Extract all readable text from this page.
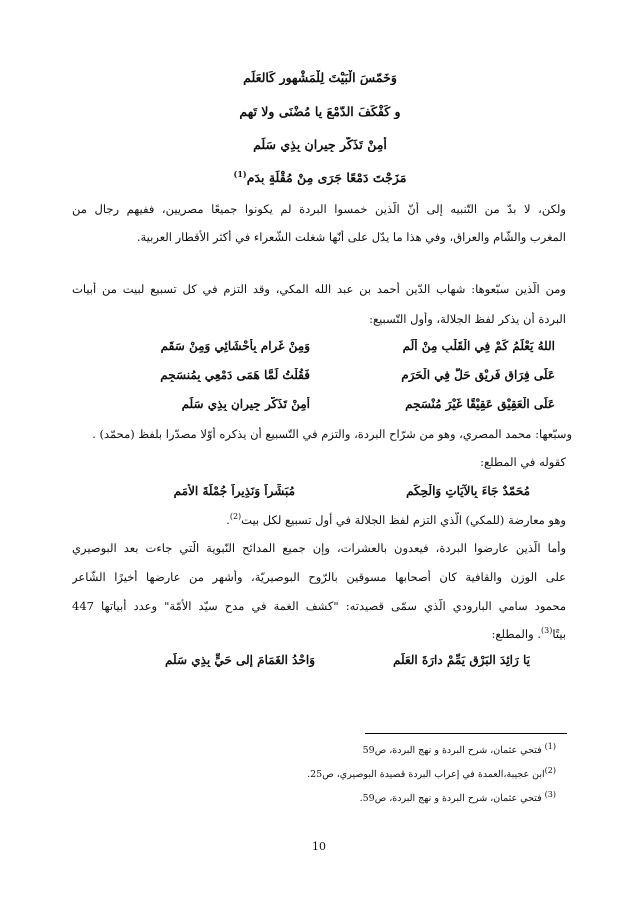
وَخَمّسَ الْبَيْتَ لِلْمَشْهورِ كَالعَلَمِ
و كَفْكَفَ الدّمْعَ يا مُضْنَى ولا تَهِم
أَمِنْ تَذَكُّرِ جِيرانٍ بِذِي سَلَمِ
مَزَجْتَ دَمْعًا جَرَى مِنْ مُقْلَةٍ بِدَمِ$^{(1)}$
ولكن، لا بدّ من التّنبيه إلى أنّ الّذين خمسوا البردة لم يكونوا جميعًا مصريين، ففيهم رجال من
المغرب والشّام والعراق، وفي هذا ما يدّل على أنّها شغلت الشّعراء في أكثر الأقطار العربية.
ومن الّذين سبّعوها: شهاب الدّين أحمد بن عبد الله المكي، وقد التزم في كل تسبيع لبيت من أبيات
البردة أن يذكر لفظ الجلالة، وأول التّسبيع:
اللهُ يَعْلَمُ كَمْ فِي الْقَلْبِ مِنْ أَلَمِ
وَمِنْ غَرامٍ بِأَحْشَائِي وَمِنْ سَقَمِ
عَلَى فِرَاقِ فَرِيْقٍ حَلَّ فِي الْحَرَمِ
فَقُلْتُ لَمَّا هَمَى دَمْعِي بِمُنسَجِمِ
عَلَى الْعَقِيْقِ عَقِيْقًا غَيْرَ مُنْسَجِمِ
أَمِنْ تَذَكُّرِ جِيرانٍ بِذِي سَلَمِ
وسبّعها: محمد المصري، وهو من شرّاح البردة، والتزم في التّسبيع أن يذكره أوّلا مصدّرا بلفظ (محمّد) .
كقوله في المطلع:
مُحَمّدٌ جَاءَ بِالآيَاتِ وَالْحِكَمِ
مُبَشِّراً وَنَذِيراً جُمْلَةَ الأُمَمِ
وهو معارضة (للمكي) الّذي التزم لفظ الجلالة في أول تسبيع لكل بيت$^{(2)}$.
وأما الّذين عارضوا البردة، فيعدون بالعشرات، وإن جميع المدائح النّبوية الّتي جاءت بعد البوصيري
على الوزن والقافية كان أصحابها مسوقين بالرّوح البوصيريّة، وأشهر من عارضها أخيرًا الشّاعر
محمود سامي البارودي الّذي سمّى قصيدته: "كشف الغمة في مدح سيّد الأمّة" وعدد أبياتها 447
بيتًا$^{(3)}$. والمطلع:
يَا رَائِدَ البَرْقِ يَمِّمْ دارَةَ العَلَمِ
وَاحْدُ الغَمَامَ إِلى حَيٍّ بِذِي سَلَمِ
$^{(1)}$ فتحي عثمان، شرح البردة و نهج البردة، ص59
$^{(2)}$ابن عجيبة،العمدة في إعراب البردة قصيدة البوصيري، ص25.
$^{(3)}$ فتحي عثمان، شرح البردة و نهج البردة، ص59.
10
